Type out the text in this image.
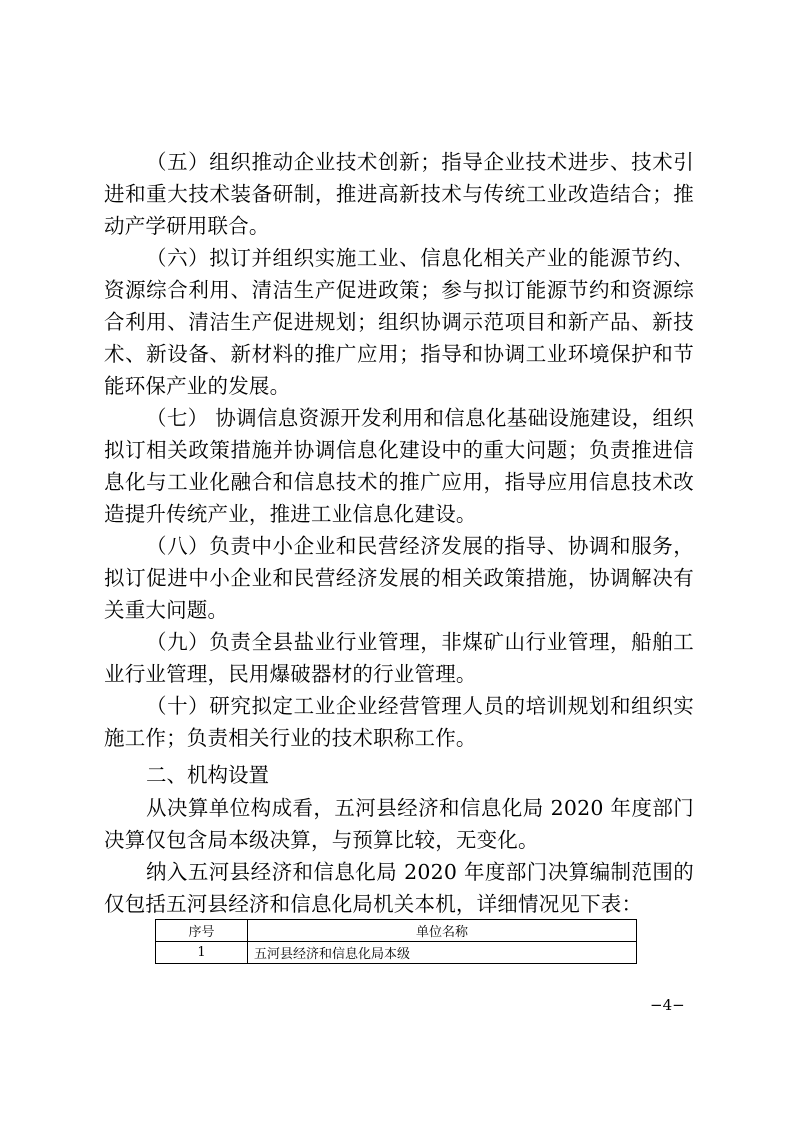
（五）组织推动企业技术创新；指导企业技术进步、技术引进和重大技术装备研制，推进高新技术与传统工业改造结合；推动产学研用联合。

（六）拟订并组织实施工业、信息化相关产业的能源节约、资源综合利用、清洁生产促进政策；参与拟订能源节约和资源综合利用、清洁生产促进规划；组织协调示范项目和新产品、新技术、新设备、新材料的推广应用；指导和协调工业环境保护和节能环保产业的发展。

（七） 协调信息资源开发利用和信息化基础设施建设，组织拟订相关政策措施并协调信息化建设中的重大问题；负责推进信息化与工业化融合和信息技术的推广应用，指导应用信息技术改造提升传统产业，推进工业信息化建设。

（八）负责中小企业和民营经济发展的指导、协调和服务，拟订促进中小企业和民营经济发展的相关政策措施，协调解决有关重大问题。

（九）负责全县盐业行业管理，非煤矿山行业管理，船舶工业行业管理，民用爆破器材的行业管理。

（十）研究拟定工业企业经营管理人员的培训规划和组织实施工作；负责相关行业的技术职称工作。

二、机构设置

从决算单位构成看，五河县经济和信息化局 2020 年度部门决算仅包含局本级决算，与预算比较，无变化。

纳入五河县经济和信息化局 2020 年度部门决算编制范围的仅包括五河县经济和信息化局机关本机，详细情况见下表：

序号	单位名称
1	五河县经济和信息化局本级
−4−
